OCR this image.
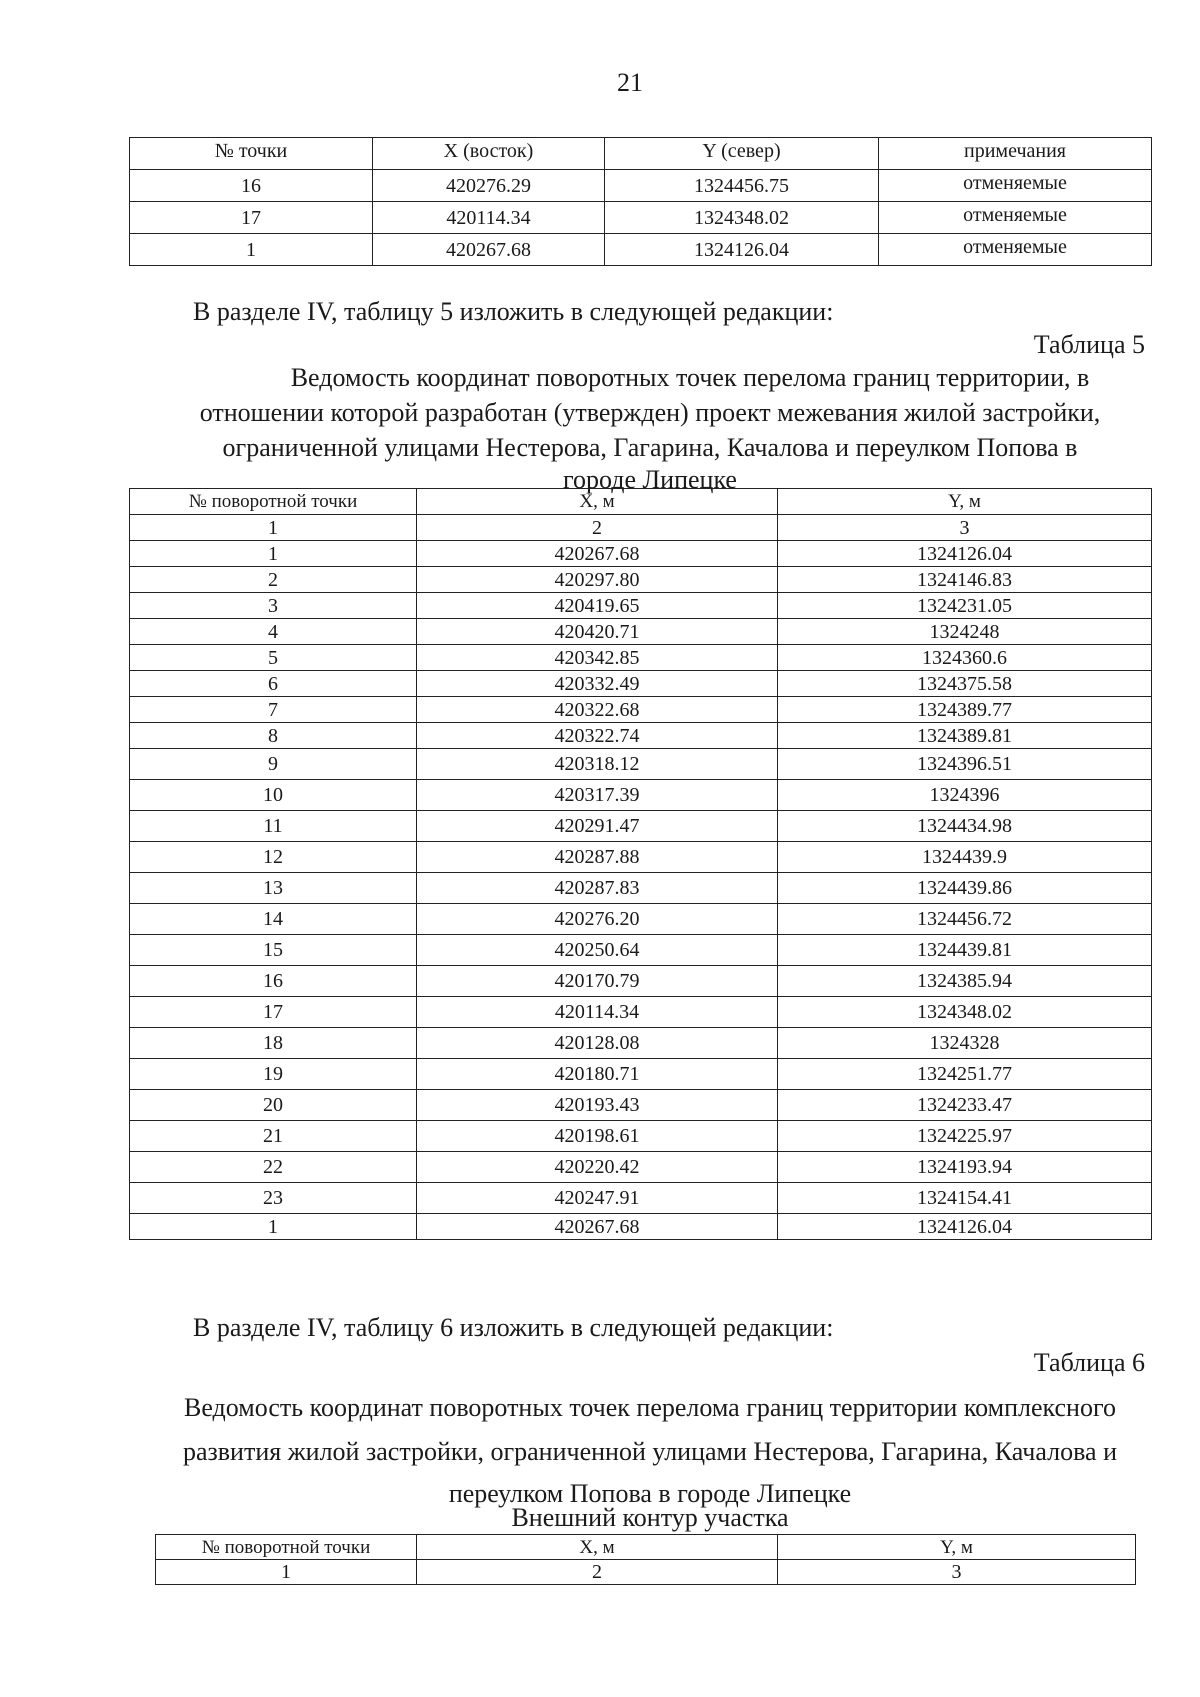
21
№ точки	X (восток)	Y (север)	примечания
16	420276.29	1324456.75	отменяемые
17	420114.34	1324348.02	отменяемые
1	420267.68	1324126.04	отменяемые
В разделе IV, таблицу 5 изложить в следующей редакции:
Таблица 5
Ведомость координат поворотных точек перелома границ территории, в
отношении которой разработан (утвержден) проект межевания жилой застройки,
ограниченной улицами Нестерова, Гагарина, Качалова и переулком Попова в
городе Липецке
№ поворотной точки	X, м	Y, м
1	2	3
1	420267.68	1324126.04
2	420297.80	1324146.83
3	420419.65	1324231.05
4	420420.71	1324248
5	420342.85	1324360.6
6	420332.49	1324375.58
7	420322.68	1324389.77
8	420322.74	1324389.81
9	420318.12	1324396.51
10	420317.39	1324396
11	420291.47	1324434.98
12	420287.88	1324439.9
13	420287.83	1324439.86
14	420276.20	1324456.72
15	420250.64	1324439.81
16	420170.79	1324385.94
17	420114.34	1324348.02
18	420128.08	1324328
19	420180.71	1324251.77
20	420193.43	1324233.47
21	420198.61	1324225.97
22	420220.42	1324193.94
23	420247.91	1324154.41
1	420267.68	1324126.04
В разделе IV, таблицу 6 изложить в следующей редакции:
Таблица 6
Ведомость координат поворотных точек перелома границ территории комплексного
развития жилой застройки, ограниченной улицами Нестерова, Гагарина, Качалова и
переулком Попова в городе Липецке
Внешний контур участка
№ поворотной точки	X, м	Y, м
1	2	3
